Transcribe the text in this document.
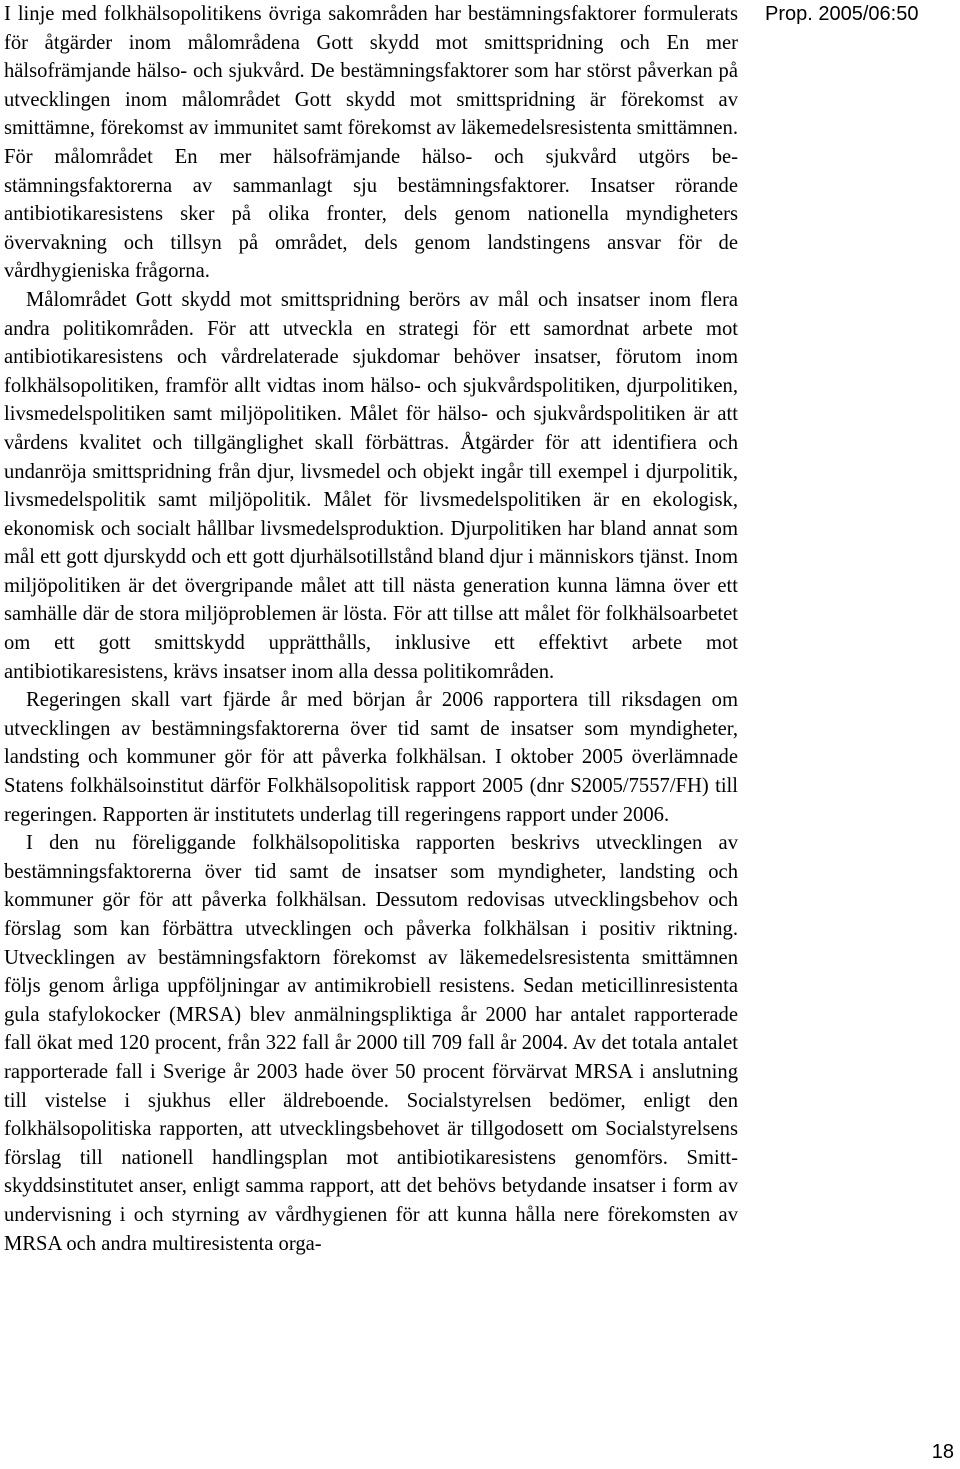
I linje med folkhälsopolitikens övriga sakområden har bestämningsfaktorer formulerats för åtgärder inom målområdena Gott skydd mot smittspridning och En mer hälsofrämjande hälso- och sjukvård. De bestämningsfaktorer som har störst påverkan på utvecklingen inom målområdet Gott skydd mot smittspridning är förekomst av smittämne, förekomst av immunitet samt förekomst av läkemedelsresistenta smittämnen. För målområdet En mer hälsofrämjande hälso- och sjukvård utgörs bestämningsfaktorerna av sammanlagt sju bestämningsfaktorer. Insatser rörande antibiotikaresistens sker på olika fronter, dels genom nationella myndigheters övervakning och tillsyn på området, dels genom landstingens ansvar för de vårdhygieniska frågorna.

Målområdet Gott skydd mot smittspridning berörs av mål och insatser inom flera andra politikområden. För att utveckla en strategi för ett samordnat arbete mot antibiotikaresistens och vårdrelaterade sjukdomar behöver insatser, förutom inom folkhälsopolitiken, framför allt vidtas inom hälso- och sjukvårdspolitiken, djurpolitiken, livsmedelspolitiken samt miljöpolitiken. Målet för hälso- och sjukvårdspolitiken är att vårdens kvalitet och tillgänglighet skall förbättras. Åtgärder för att identifiera och undanröja smittspridning från djur, livsmedel och objekt ingår till exempel i djurpolitik, livsmedelspolitik samt miljöpolitik. Målet för livsmedelspolitiken är en ekologisk, ekonomisk och socialt hållbar livsmedelsproduktion. Djurpolitiken har bland annat som mål ett gott djurskydd och ett gott djurhälsotillstånd bland djur i människors tjänst. Inom miljöpolitiken är det övergripande målet att till nästa generation kunna lämna över ett samhälle där de stora miljöproblemen är lösta. För att tillse att målet för folkhälsoarbetet om ett gott smittskydd upprätthålls, inklusive ett effektivt arbete mot antibiotikaresistens, krävs insatser inom alla dessa politikområden.

Regeringen skall vart fjärde år med början år 2006 rapportera till riksdagen om utvecklingen av bestämningsfaktorerna över tid samt de insatser som myndigheter, landsting och kommuner gör för att påverka folkhälsan. I oktober 2005 överlämnade Statens folkhälsoinstitut därför Folkhälsopolitisk rapport 2005 (dnr S2005/7557/FH) till regeringen. Rapporten är institutets underlag till regeringens rapport under 2006.

I den nu föreliggande folkhälsopolitiska rapporten beskrivs utvecklingen av bestämningsfaktorerna över tid samt de insatser som myndigheter, landsting och kommuner gör för att påverka folkhälsan. Dessutom redovisas utvecklingsbehov och förslag som kan förbättra utvecklingen och påverka folkhälsan i positiv riktning. Utvecklingen av bestämningsfaktorn förekomst av läkemedelsresistenta smittämnen följs genom årliga uppföljningar av antimikrobiell resistens. Sedan meticillinresistenta gula stafylokocker (MRSA) blev anmälningspliktiga år 2000 har antalet rapporterade fall ökat med 120 procent, från 322 fall år 2000 till 709 fall år 2004. Av det totala antalet rapporterade fall i Sverige år 2003 hade över 50 procent förvärvat MRSA i anslutning till vistelse i sjukhus eller äldreboende. Socialstyrelsen bedömer, enligt den folkhälsopolitiska rapporten, att utvecklingsbehovet är tillgodosett om Socialstyrelsens förslag till nationell handlingsplan mot antibiotikaresistens genomförs. Smittskyddsinstitutet anser, enligt samma rapport, att det behövs betydande insatser i form av undervisning i och styrning av vårdhygienen för att kunna hålla nere förekomsten av MRSA och andra multiresistenta orga-

Prop. 2005/06:50
18
